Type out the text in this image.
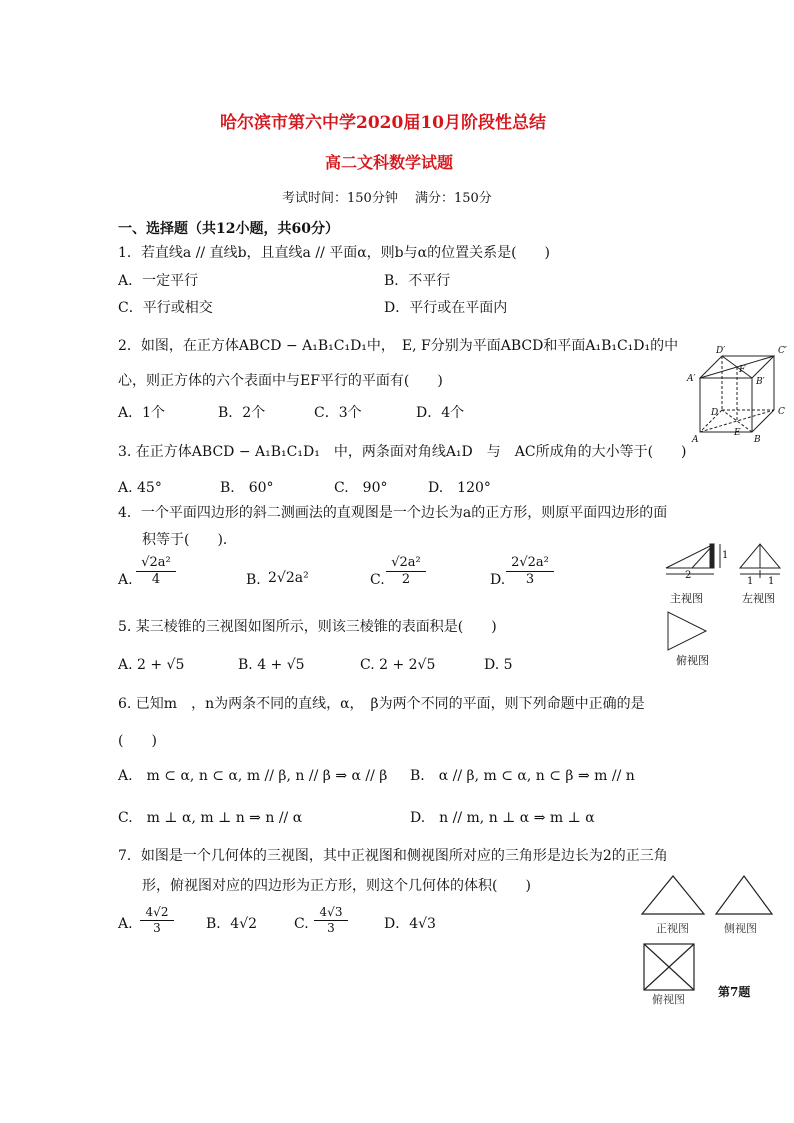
哈尔滨市第六中学2020届10月阶段性总结
高二文科数学试题
考试时间：150分钟　 满分：150分
一、选择题（共12小题，共60分）
1．若直线a // 直线b，且直线a // 平面α，则b与α的位置关系是(　　)
A．一定平行	B．不平行
C．平行或相交	D．平行或在平面内
2．如图，在正方体ABCD − A₁B₁C₁D₁中，　E, F分别为平面ABCD和平面A₁B₁C₁D₁的中
心，则正方体的六个表面中与EF平行的平面有(　　)
A．1个	B．2个	C．3个	D．4个
D′	C′
A′
F
B′
D	C
A
E
B
3. 在正方体ABCD − A₁B₁C₁D₁　中，两条面对角线A₁D　与　AC所成角的大小等于(　　)
A. 45°	B.　60°	C.　90°	D.　120°
4．一个平面四边形的斜二测画法的直观图是一个边长为a的正方形，则原平面四边形的面
积等于(　　)．
A. $\frac{\text{√2a²}}{4}$	B. 2√2a²	C. $\frac{\text{√2a²}}{2}$	D. $\frac{\text{2√2a²}}{3}$	2
1
1 1
主视图	左视图
俯视图
5. 某三棱锥的三视图如图所示，则该三棱锥的表面积是(　　)
A. 2 + √5	B. 4 + √5	C. 2 + 2√5	D. 5
6. 已知m　，n为两条不同的直线，α，　β为两个不同的平面，则下列命题中正确的是
(　　)
A.　m ⊂ α, n ⊂ α, m // β, n // β ⇒ α // β B.　α // β, m ⊂ α, n ⊂ β ⇒ m // n
C.　m ⊥ α, m ⊥ n ⇒ n // α	D.　n // m, n ⊥ α ⇒ m ⊥ α
7．如图是一个几何体的三视图，其中正视图和侧视图所对应的三角形是边长为2的正三角
形，俯视图对应的四边形为正方形，则这个几何体的体积(　　)
A. $\frac{4√2}{3}$ B．4√2	C. $\frac{4√3}{3}$	D．4√3	正视图	侧视图
俯视图
第7题
